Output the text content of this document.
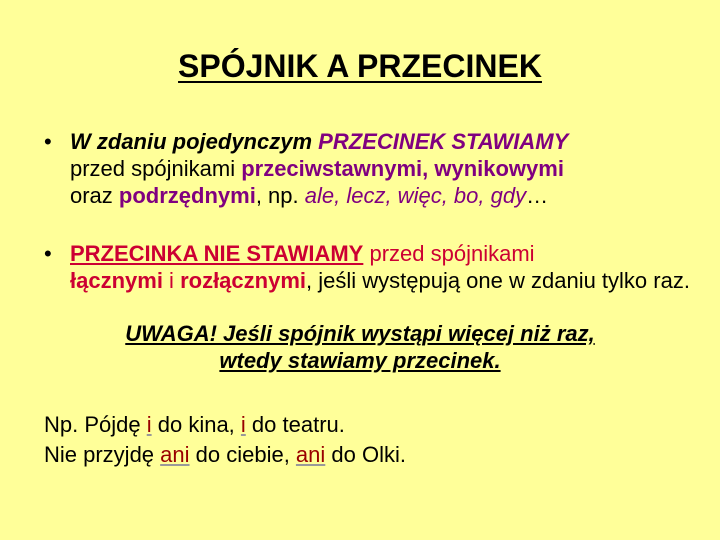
SPÓJNIK A PRZECINEK
• W zdaniu pojedynczym PRZECINEK STAWIAMY
przed spójnikami przeciwstawnymi, wynikowymi
oraz podrzędnymi, np. ale, lecz, więc, bo, gdy…
• PRZECINKA NIE STAWIAMY przed spójnikami
łącznymi i rozłącznymi, jeśli występują one w zdaniu tylko raz.
UWAGA! Jeśli spójnik wystąpi więcej niż raz,
wtedy stawiamy przecinek.
Np. Pójdę i do kina, i do teatru.
Nie przyjdę ani do ciebie, ani do Olki.
